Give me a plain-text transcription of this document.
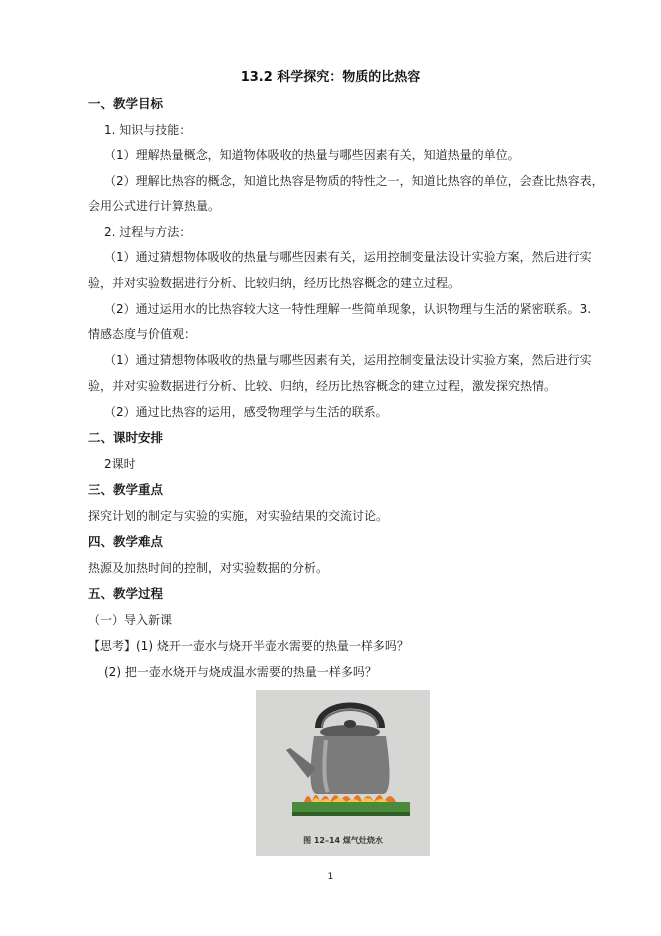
13.2 科学探究：物质的比热容
一、教学目标
1. 知识与技能：
（1）理解热量概念，知道物体吸收的热量与哪些因素有关，知道热量的单位。
（2）理解比热容的概念，知道比热容是物质的特性之一，知道比热容的单位，会查比热容表，
会用公式进行计算热量。
2. 过程与方法：
（1）通过猜想物体吸收的热量与哪些因素有关，运用控制变量法设计实验方案，然后进行实
验，并对实验数据进行分析、比较归纳，经历比热容概念的建立过程。
（2）通过运用水的比热容较大这一特性理解一些简单现象，认识物理与生活的紧密联系。3.
情感态度与价值观：
（1）通过猜想物体吸收的热量与哪些因素有关，运用控制变量法设计实验方案，然后进行实
验，并对实验数据进行分析、比较、归纳，经历比热容概念的建立过程，激发探究热情。
（2）通过比热容的运用，感受物理学与生活的联系。
二、课时安排
2课时
三、教学重点
探究计划的制定与实验的实施，对实验结果的交流讨论。
四、教学难点
热源及加热时间的控制，对实验数据的分析。
五、教学过程
（一）导入新课
【思考】(1) 烧开一壶水与烧开半壶水需要的热量一样多吗？
(2) 把一壶水烧开与烧成温水需要的热量一样多吗？
图 12–14 煤气灶烧水
1
